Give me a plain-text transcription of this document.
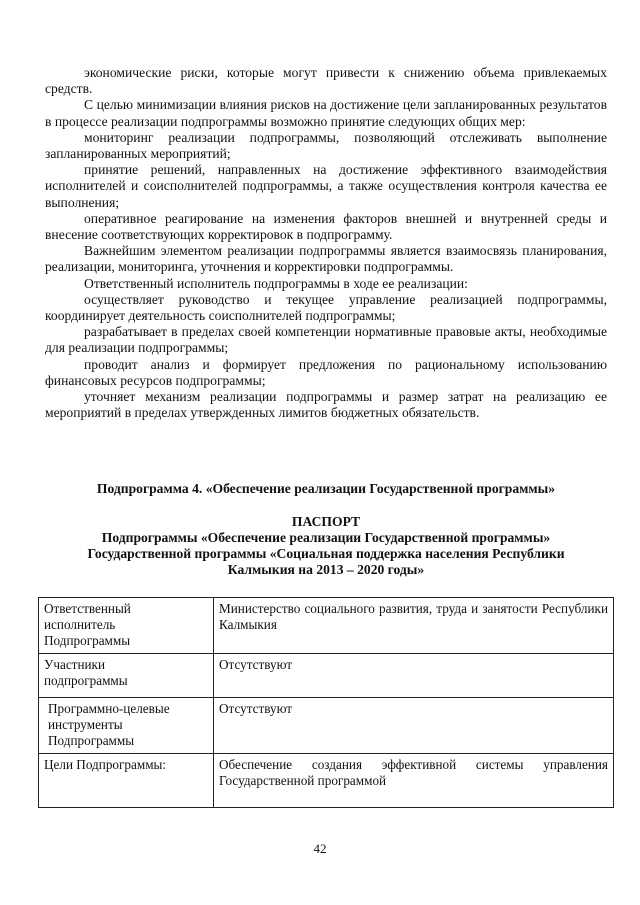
экономические риски, которые могут привести к снижению объема привлекаемых средств.

С целью минимизации влияния рисков на достижение цели запланированных результатов в процессе реализации подпрограммы возможно принятие следующих общих мер:

мониторинг реализации подпрограммы, позволяющий отслеживать выполнение запланированных мероприятий;

принятие решений, направленных на достижение эффективного взаимодействия исполнителей и соисполнителей подпрограммы, а также осуществления контроля качества ее выполнения;

оперативное реагирование на изменения факторов внешней и внутренней среды и внесение соответствующих корректировок в подпрограмму.

Важнейшим элементом реализации подпрограммы является взаимосвязь планирования, реализации, мониторинга, уточнения и корректировки подпрограммы.

Ответственный исполнитель подпрограммы в ходе ее реализации:

осуществляет руководство и текущее управление реализацией подпрограммы, координирует деятельность соисполнителей подпрограммы;

разрабатывает в пределах своей компетенции нормативные правовые акты, необходимые для реализации подпрограммы;

проводит анализ и формирует предложения по рациональному использованию финансовых ресурсов подпрограммы;

уточняет механизм реализации подпрограммы и размер затрат на реализацию ее мероприятий в пределах утвержденных лимитов бюджетных обязательств.

Подпрограмма 4. «Обеспечение реализации Государственной программы»
ПАСПОРТ
Подпрограммы «Обеспечение реализации Государственной программы»
Государственной программы «Социальная поддержка населения Республики
Калмыкия на 2013 – 2020 годы»
Ответственный
исполнитель
Подпрограммы	Министерство социального развития, труда и занятости Республики Калмыкия

Участники
подпрограммы	Отсутствуют

Программно-целевые
инструменты
Подпрограммы	Отсутствуют

Цели Подпрограммы:	Обеспечение создания эффективной системы управления Государственной программой
42
